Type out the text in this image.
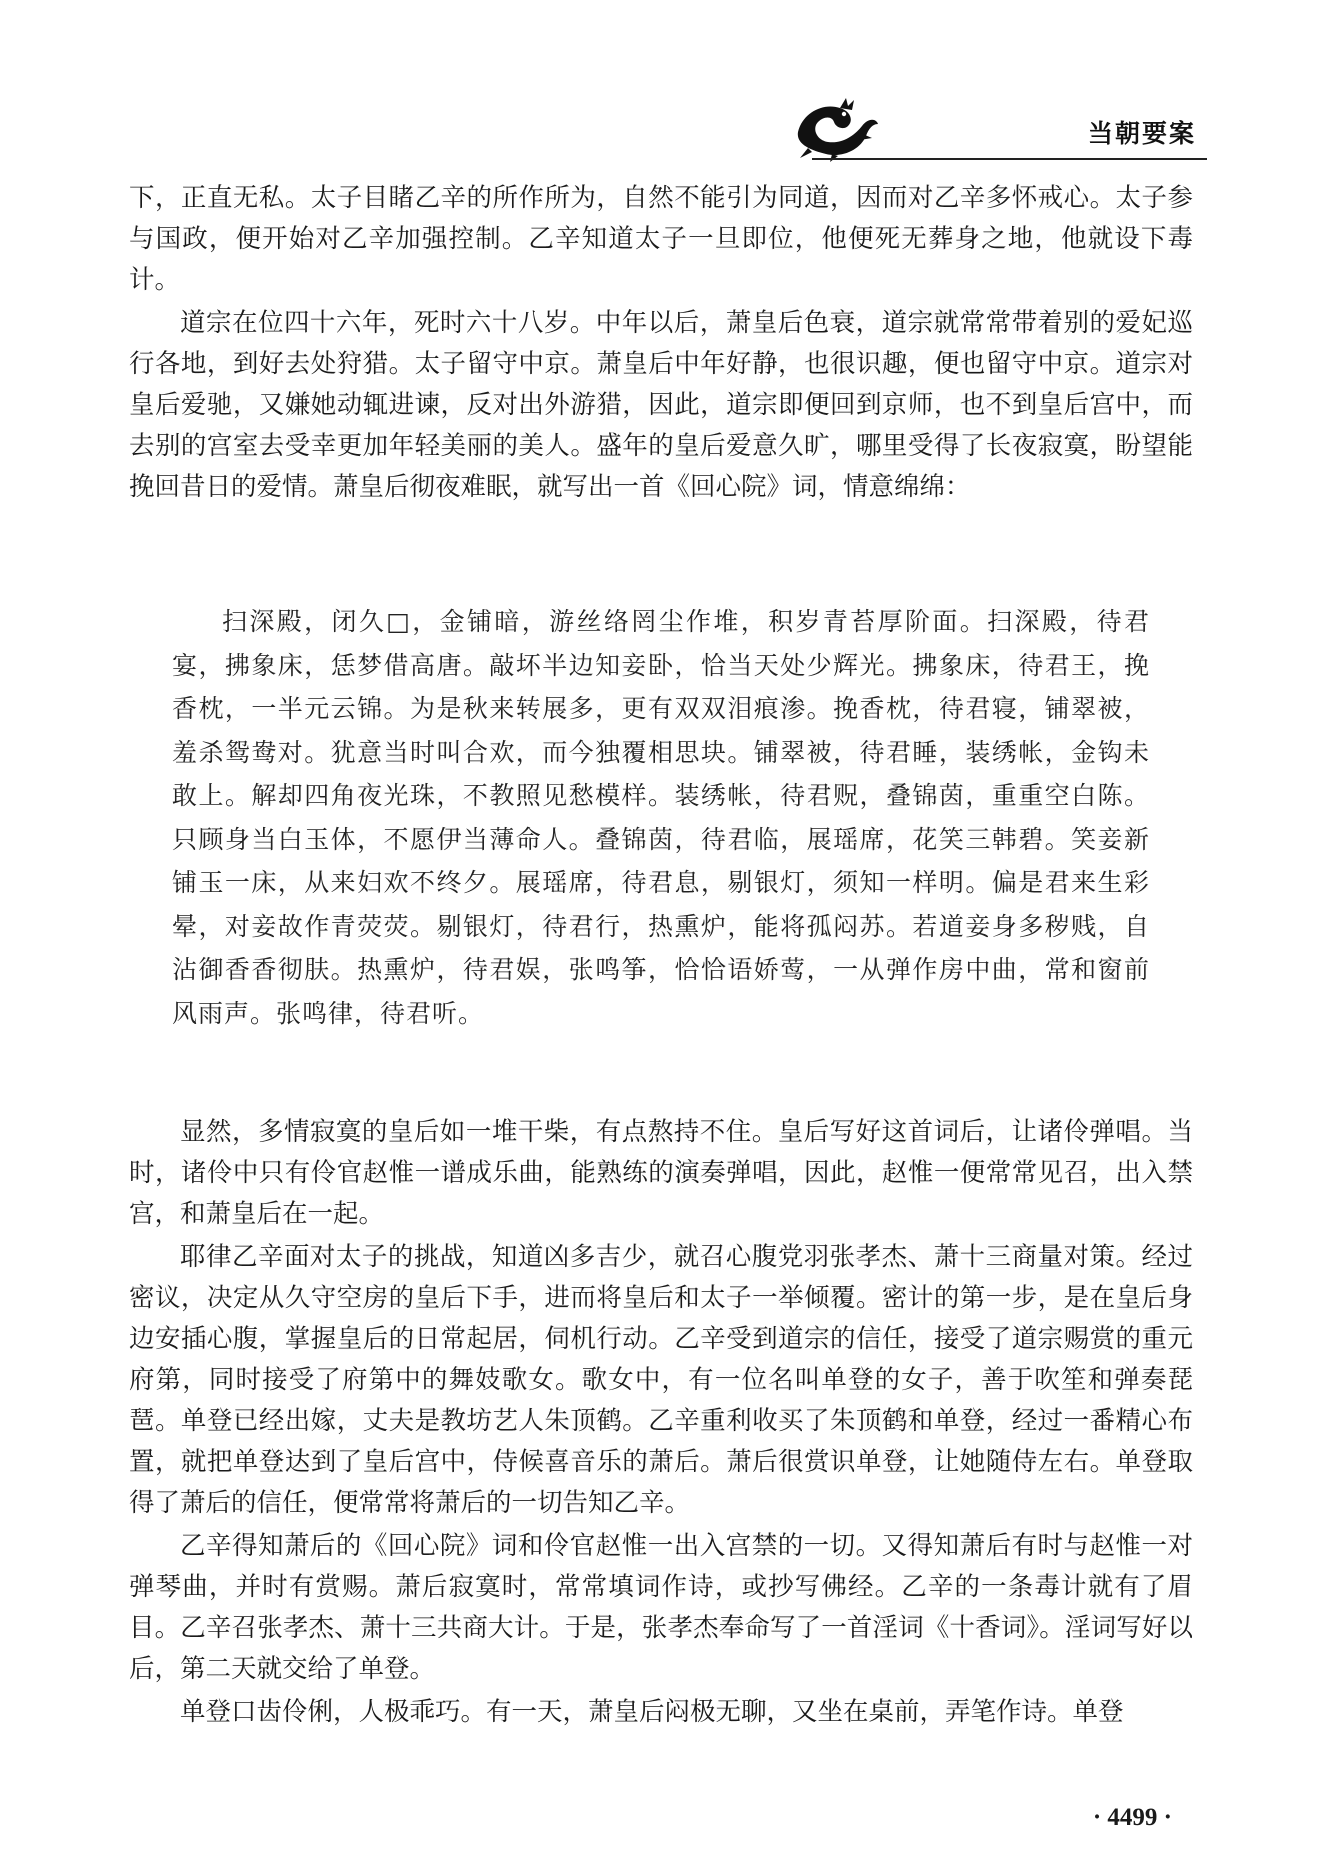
当朝要案

下，正直无私。太子目睹乙辛的所作所为，自然不能引为同道，因而对乙辛多怀戒心。太子参与国政，便开始对乙辛加强控制。乙辛知道太子一旦即位，他便死无葬身之地，他就设下毒计。

道宗在位四十六年，死时六十八岁。中年以后，萧皇后色衰，道宗就常常带着别的爱妃巡行各地，到好去处狩猎。太子留守中京。萧皇后中年好静，也很识趣，便也留守中京。道宗对皇后爱驰，又嫌她动辄进谏，反对出外游猎，因此，道宗即便回到京师，也不到皇后宫中，而去别的宫室去受幸更加年轻美丽的美人。盛年的皇后爱意久旷，哪里受得了长夜寂寞，盼望能挽回昔日的爱情。萧皇后彻夜难眠，就写出一首《回心院》词，情意绵绵：

扫深殿，闭久□，金铺暗，游丝络罔尘作堆，积岁青苔厚阶面。扫深殿，待君宴，拂象床，恁梦借高唐。敲坏半边知妾卧，恰当天处少辉光。拂象床，待君王，挽香枕，一半元云锦。为是秋来转展多，更有双双泪痕渗。挽香枕，待君寝，铺翠被，羞杀鸳鸯对。犹意当时叫合欢，而今独覆相思块。铺翠被，待君睡，装绣帐，金钩未敢上。解却四角夜光珠，不教照见愁模样。装绣帐，待君贶，叠锦茵，重重空白陈。只顾身当白玉体，不愿伊当薄命人。叠锦茵，待君临，展瑶席，花笑三韩碧。笑妾新铺玉一床，从来妇欢不终夕。展瑶席，待君息，剔银灯，须知一样明。偏是君来生彩晕，对妾故作青荧荧。剔银灯，待君行，热熏炉，能将孤闷苏。若道妾身多秽贱，自沾御香香彻肤。热熏炉，待君娱，张鸣筝，恰恰语娇莺，一从弹作房中曲，常和窗前风雨声。张鸣律，待君听。

显然，多情寂寞的皇后如一堆干柴，有点熬持不住。皇后写好这首词后，让诸伶弹唱。当时，诸伶中只有伶官赵惟一谱成乐曲，能熟练的演奏弹唱，因此，赵惟一便常常见召，出入禁宫，和萧皇后在一起。

耶律乙辛面对太子的挑战，知道凶多吉少，就召心腹党羽张孝杰、萧十三商量对策。经过密议，决定从久守空房的皇后下手，进而将皇后和太子一举倾覆。密计的第一步，是在皇后身边安插心腹，掌握皇后的日常起居，伺机行动。乙辛受到道宗的信任，接受了道宗赐赏的重元府第，同时接受了府第中的舞妓歌女。歌女中，有一位名叫单登的女子，善于吹笙和弹奏琵琶。单登已经出嫁，丈夫是教坊艺人朱顶鹤。乙辛重利收买了朱顶鹤和单登，经过一番精心布置，就把单登达到了皇后宫中，侍候喜音乐的萧后。萧后很赏识单登，让她随侍左右。单登取得了萧后的信任，便常常将萧后的一切告知乙辛。

乙辛得知萧后的《回心院》词和伶官赵惟一出入宫禁的一切。又得知萧后有时与赵惟一对弹琴曲，并时有赏赐。萧后寂寞时，常常填词作诗，或抄写佛经。乙辛的一条毒计就有了眉目。乙辛召张孝杰、萧十三共商大计。于是，张孝杰奉命写了一首淫词《十香词》。淫词写好以后，第二天就交给了单登。

单登口齿伶俐，人极乖巧。有一天，萧皇后闷极无聊，又坐在桌前，弄笔作诗。单登

· 4499 ·
